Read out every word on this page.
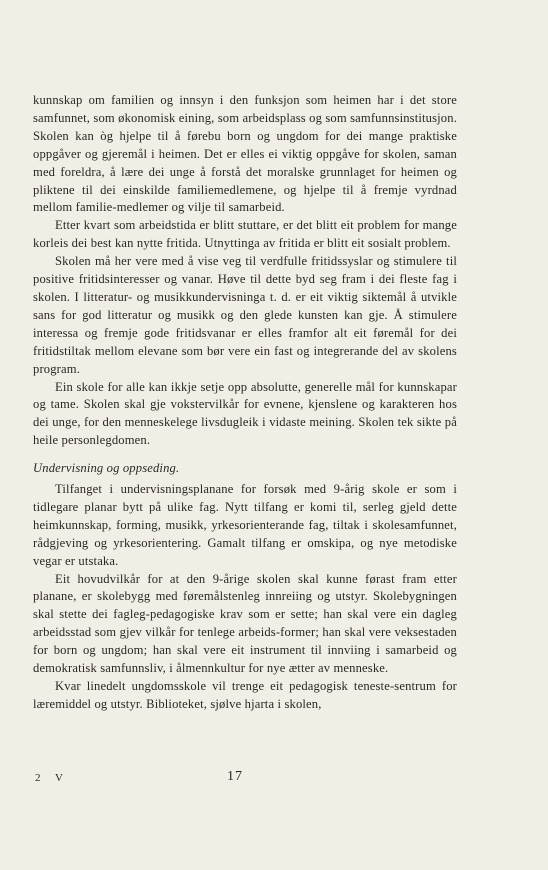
kunnskap om familien og innsyn i den funksjon som heimen har i det store samfunnet, som økonomisk eining, som arbeidsplass og som samfunnsinstitusjon. Skolen kan òg hjelpe til å førebu born og ungdom for dei mange praktiske oppgåver og gjeremål i heimen. Det er elles ei viktig oppgåve for skolen, saman med foreldra, å lære dei unge å forstå det moralske grunnlaget for heimen og pliktene til dei einskilde familiemedlemene, og hjelpe til å fremje vyrdnad mellom familie-medlemer og vilje til samarbeid.

Etter kvart som arbeidstida er blitt stuttare, er det blitt eit problem for mange korleis dei best kan nytte fritida. Utnyttinga av fritida er blitt eit sosialt problem.

Skolen må her vere med å vise veg til verdfulle fritidssyslar og stimulere til positive fritidsinteresser og vanar. Høve til dette byd seg fram i dei fleste fag i skolen. I litteratur- og musikkundervisninga t. d. er eit viktig siktemål å utvikle sans for god litteratur og musikk og den glede kunsten kan gje. Å stimulere interessa og fremje gode fritidsvanar er elles framfor alt eit føremål for dei fritidstiltak mellom elevane som bør vere ein fast og integrerande del av skolens program.

Ein skole for alle kan ikkje setje opp absolutte, generelle mål for kunnskapar og tame. Skolen skal gje vokstervilkår for evnene, kjenslene og karakteren hos dei unge, for den menneskelege livsdugleik i vidaste meining. Skolen tek sikte på heile personlegdomen.

Undervisning og oppseding.

Tilfanget i undervisningsplanane for forsøk med 9-årig skole er som i tidlegare planar bytt på ulike fag. Nytt tilfang er komi til, serleg gjeld dette heimkunnskap, forming, musikk, yrkesorienterande fag, tiltak i skolesamfunnet, rådgjeving og yrkesorientering. Gamalt tilfang er omskipa, og nye metodiske vegar er utstaka.

Eit hovudvilkår for at den 9-årige skolen skal kunne førast fram etter planane, er skolebygg med føremålstenleg innreiing og utstyr. Skolebygningen skal stette dei fagleg-pedagogiske krav som er sette; han skal vere ein dagleg arbeidsstad som gjev vilkår for tenlege arbeids-former; han skal vere veksestaden for born og ungdom; han skal vere eit instrument til innviing i samarbeid og demokratisk samfunnsliv, i ålmennkultur for nye ætter av menneske.

Kvar linedelt ungdomsskole vil trenge eit pedagogisk teneste-sentrum for læremiddel og utstyr. Biblioteket, sjølve hjarta i skolen,

2 V	17
